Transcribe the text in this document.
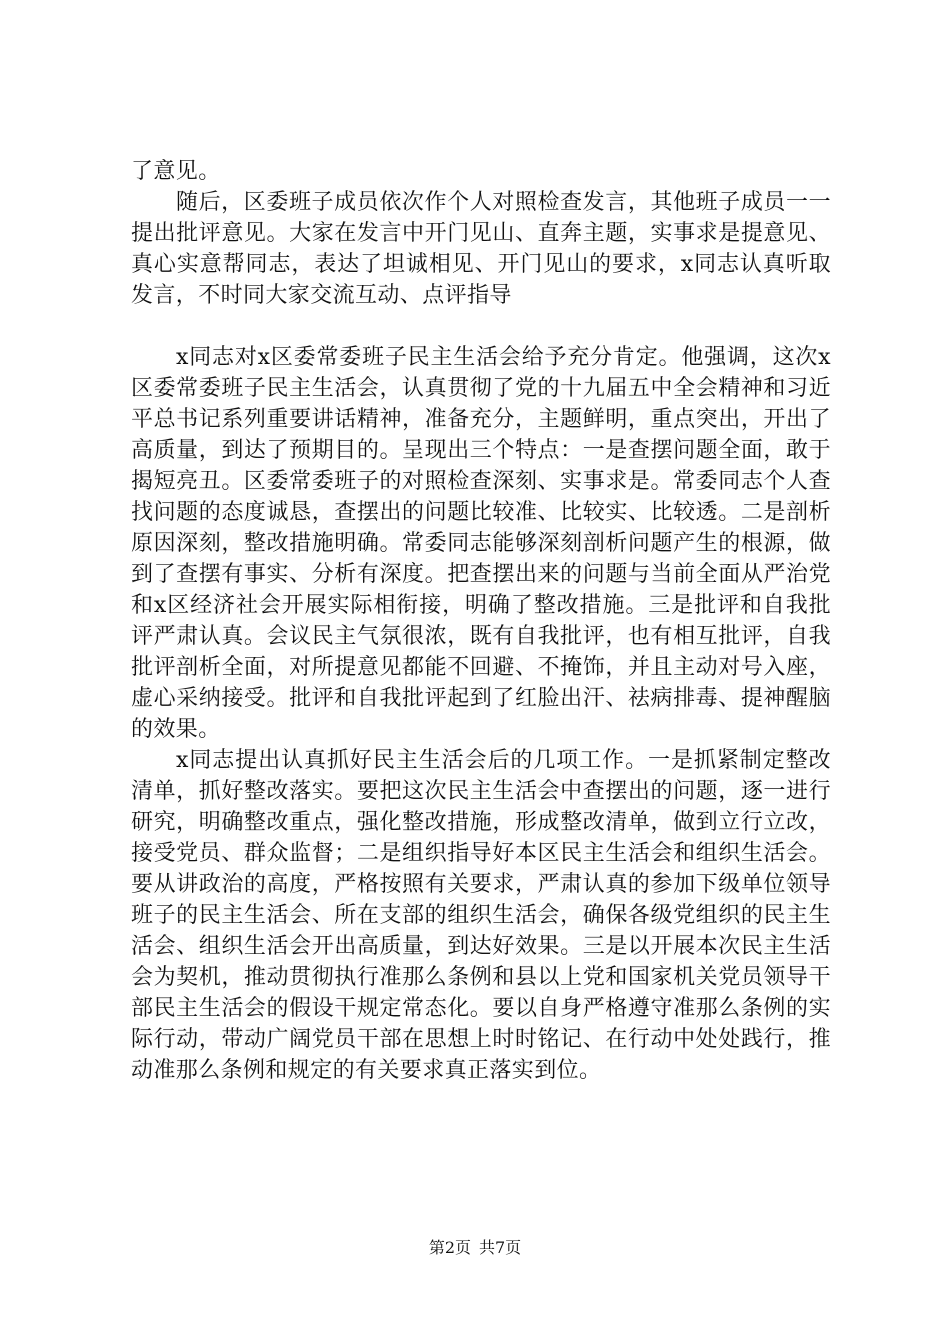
了意见。

随后，区委班子成员依次作个人对照检查发言，其他班子成员一一提出批评意见。大家在发言中开门见山、直奔主题，实事求是提意见、真心实意帮同志，表达了坦诚相见、开门见山的要求，x同志认真听取发言，不时同大家交流互动、点评指导

x同志对x区委常委班子民主生活会给予充分肯定。他强调，这次x区委常委班子民主生活会，认真贯彻了党的十九届五中全会精神和习近平总书记系列重要讲话精神，准备充分，主题鲜明，重点突出，开出了高质量，到达了预期目的。呈现出三个特点：一是查摆问题全面，敢于揭短亮丑。区委常委班子的对照检查深刻、实事求是。常委同志个人查找问题的态度诚恳，查摆出的问题比较准、比较实、比较透。二是剖析原因深刻，整改措施明确。常委同志能够深刻剖析问题产生的根源，做到了查摆有事实、分析有深度。把查摆出来的问题与当前全面从严治党和x区经济社会开展实际相衔接，明确了整改措施。三是批评和自我批评严肃认真。会议民主气氛很浓，既有自我批评，也有相互批评，自我批评剖析全面，对所提意见都能不回避、不掩饰，并且主动对号入座，虚心采纳接受。批评和自我批评起到了红脸出汗、祛病排毒、提神醒脑的效果。

x同志提出认真抓好民主生活会后的几项工作。一是抓紧制定整改清单，抓好整改落实。要把这次民主生活会中查摆出的问题，逐一进行研究，明确整改重点，强化整改措施，形成整改清单，做到立行立改，接受党员、群众监督；二是组织指导好本区民主生活会和组织生活会。要从讲政治的高度，严格按照有关要求，严肃认真的参加下级单位领导班子的民主生活会、所在支部的组织生活会，确保各级党组织的民主生活会、组织生活会开出高质量，到达好效果。三是以开展本次民主生活会为契机，推动贯彻执行准那么条例和县以上党和国家机关党员领导干部民主生活会的假设干规定常态化。要以自身严格遵守准那么条例的实际行动，带动广阔党员干部在思想上时时铭记、在行动中处处践行，推动准那么条例和规定的有关要求真正落实到位。

第2页 共7页
